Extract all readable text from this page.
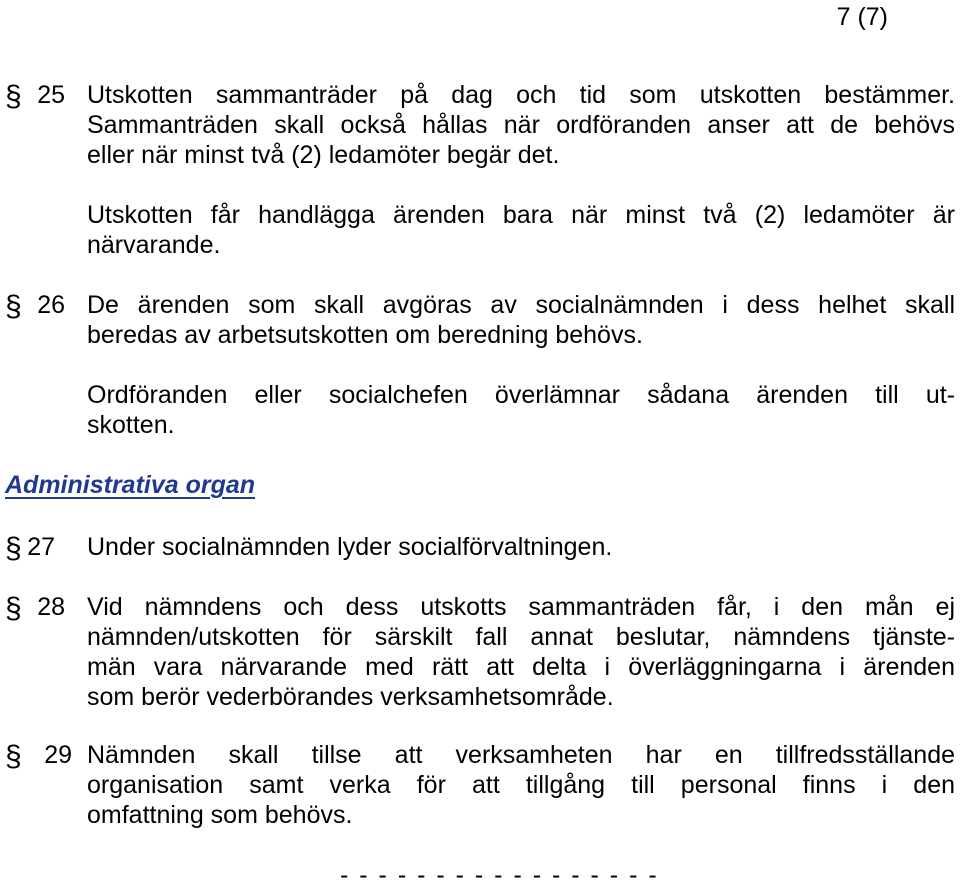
7 (7)
§ 25 Utskotten sammanträder på dag och tid som utskotten bestämmer.
Sammanträden skall också hållas när ordföranden anser att de behövs
eller när minst två (2) ledamöter begär det.
Utskotten får handlägga ärenden bara när minst två (2) ledamöter är
närvarande.
§ 26 De ärenden som skall avgöras av socialnämnden i dess helhet skall
beredas av arbetsutskotten om beredning behövs.
Ordföranden eller socialchefen överlämnar sådana ärenden till ut-
skotten.
Administrativa organ
§ 27 Under socialnämnden lyder socialförvaltningen.
§ 28 Vid nämndens och dess utskotts sammanträden får, i den mån ej
nämnden/utskotten för särskilt fall annat beslutar, nämndens tjänste-
män vara närvarande med rätt att delta i överläggningarna i ärenden
som berör vederbörandes verksamhetsområde.
§ 29 Nämnden skall tillse att verksamheten har en tillfredsställande
organisation samt verka för att tillgång till personal finns i den
omfattning som behövs.
- - - - - - - - - - - - - - - - -
